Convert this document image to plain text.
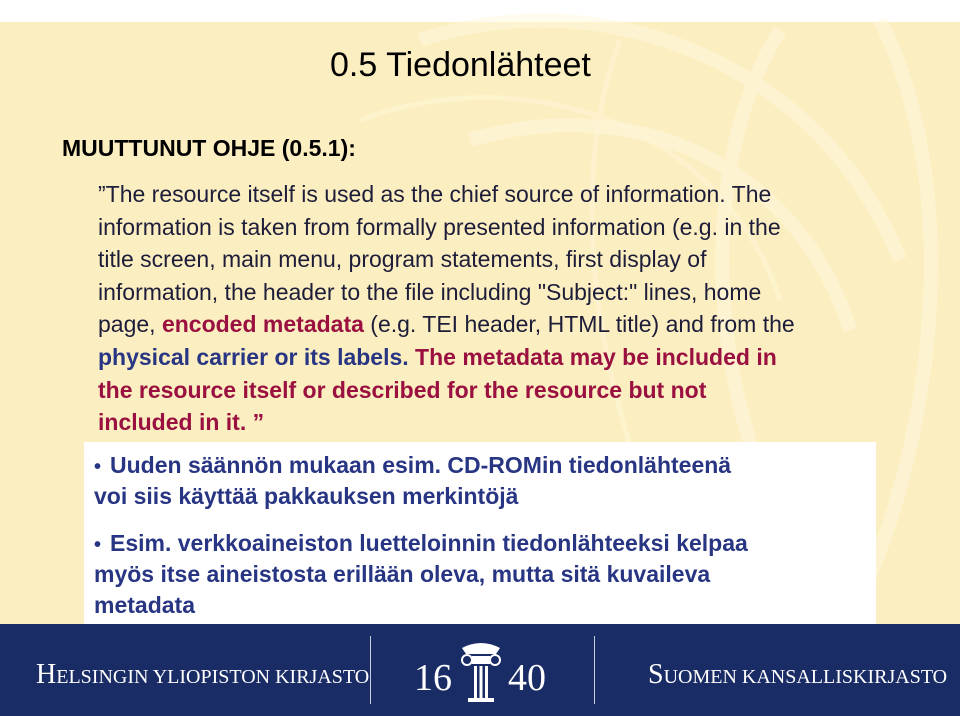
0.5 Tiedonlähteet
MUUTTUNUT OHJE (0.5.1):

”The resource itself is used as the chief source of information. The

information is taken from formally presented information (e.g. in the

title screen, main menu, program statements, first display of

information, the header to the file including "Subject:" lines, home

page, encoded metadata (e.g. TEI header, HTML title) and from the

physical carrier or its labels. The metadata may be included in

the resource itself or described for the resource but not

included in it. ”

• Uuden säännön mukaan esim. CD-ROMin tiedonlähteenä
voi siis käyttää pakkauksen merkintöjä
• Esim. verkkoaineiston luetteloinnin tiedonlähteeksi kelpaa
myös itse aineistosta erillään oleva, mutta sitä kuvaileva
metadata
HELSINGIN YLIOPISTON KIRJASTO 16 40	SUOMEN KANSALLISKIRJASTO
